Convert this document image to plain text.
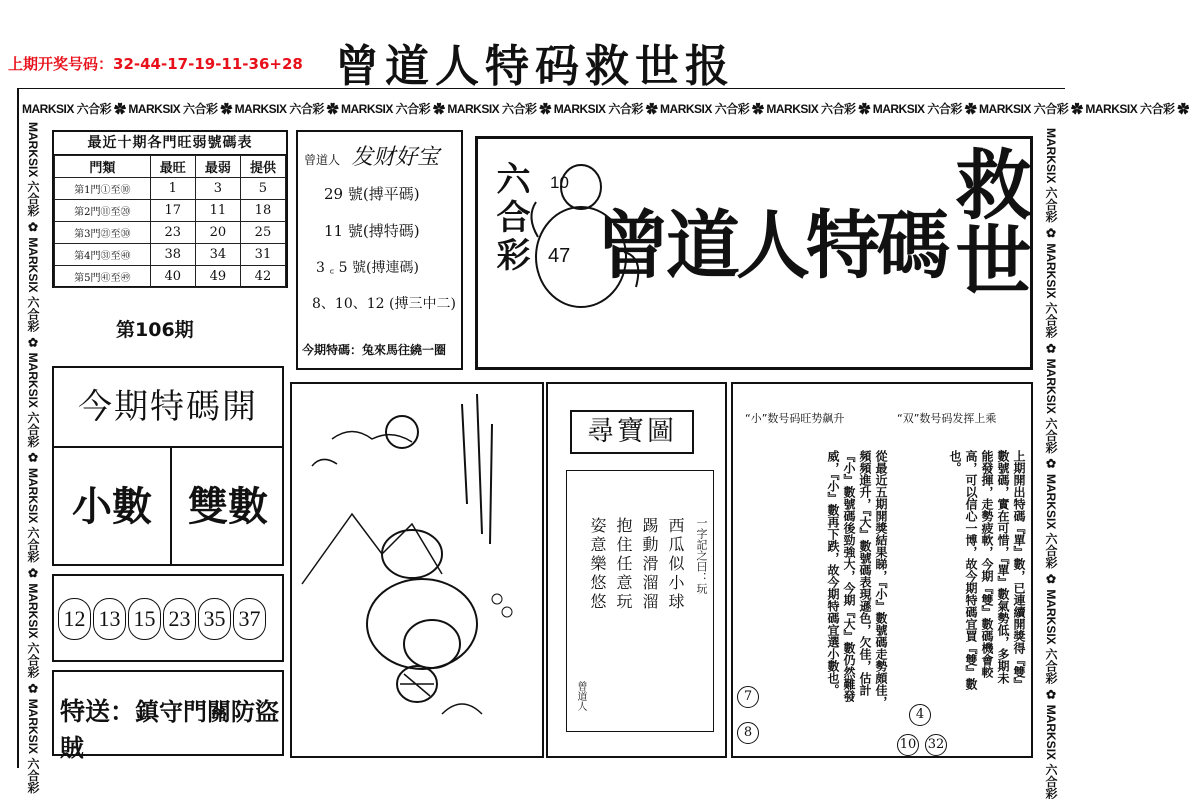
上期开奖号码：32-44-17-19-11-36+28 曾道人特码救世报
MARKSIX 六合彩 ✿ MARKSIX 六合彩 ✿ MARKSIX 六合彩 ✿ MARKSIX 六合彩 ✿ MARKSIX 六合彩 ✿ MARKSIX 六合彩 ✿ MARKSIX 六合彩 ✿ MARKSIX 六合彩 ✿ MARKSIX 六合彩 ✿ MARKSIX 六合彩 ✿ MARKSIX 六合彩 ✿
MARKSIX 六合彩 ✿ MARKSIX 六合彩 ✿ MARKSIX 六合彩 ✿ MARKSIX 六合彩 ✿ MARKSIX 六合彩 ✿ MARKSIX 六合彩	MARKSIX 六合彩 ✿ MARKSIX 六合彩 ✿ MARKSIX 六合彩 ✿ MARKSIX 六合彩 ✿ MARKSIX 六合彩 ✿ MARKSIX 六合彩
最近十期各門旺弱號碼表
門類	最旺	最弱	提供
第1門①至⑩	1	3	5
第2門⑪至⑳	17	11	18
第3門㉑至㉚	23	20	25
第4門㉛至㊵	38	34	31
第5門㊶至㊾	40	49	42
第106期
曾道人 发财好宝
29 號(搏平碼)
11 號(搏特碼)
3 ꜀ 5 號(搏連碼)
8、10、12 (搏三中二)
今期特碼：兔來馬往繞一圈
六合彩 10
47 曾道人特碼
救世
今期特碼開
小數 雙數
12 13 15 23 35 37
特送：鎮守門關防盜賊
尋寶圖
一字記之曰：玩
西瓜似小球
踢動滑溜溜
抱住任意玩
姿意樂悠悠
曾道人
“小”数号码旺势飙升	“双”数号码发挥上乘
從最近五期開獎結果睇，『小』數號碼走勢頗佳，頻頻進升，『大』數號碼表現遜色，欠佳，估計『小』數號碼後勁強大，今期『大』數仍然難發威，『小』數再下跌，故今期特碼宜選小數也。	上期開出特碼『單』數，已連續開獎得『雙』數號碼，實在可惜，『單』數氣勢低，多期未能發揮，走勢疲軟，今期『雙』數碼機會較高，可以信心一博，故今期特碼宜買『雙』數也。
7
8
4
10 32
